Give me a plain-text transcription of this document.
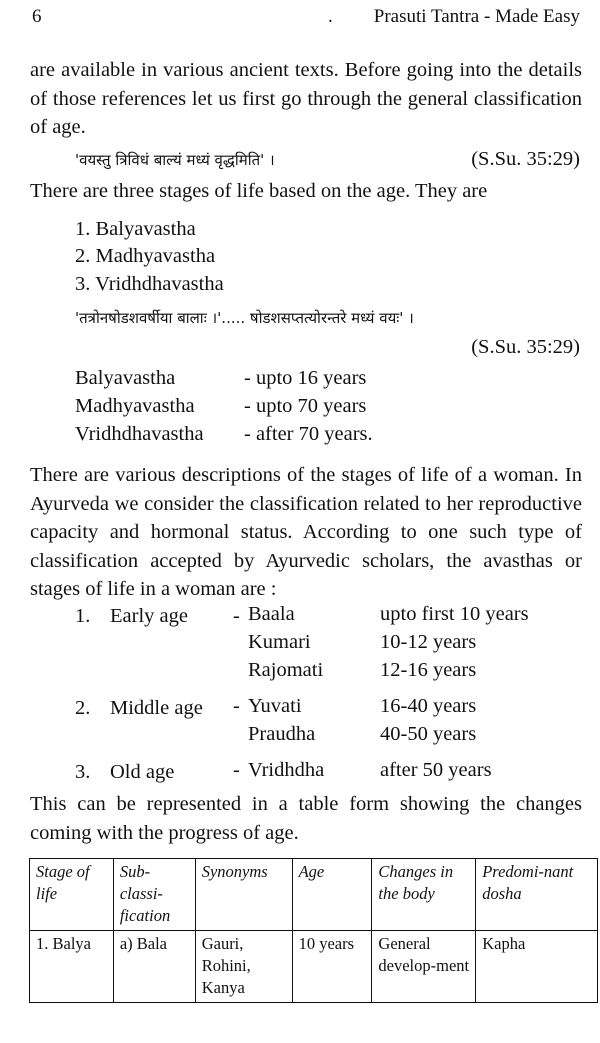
6	. Prasuti Tantra - Made Easy

are available in various ancient texts. Before going into the details of those references let us first go through the general classification of age.

'वयस्तु त्रिविधं बाल्यं मध्यं वृद्धमिति' ।	(S.Su. 35:29)
There are three stages of life based on the age. They are
1. Balyavastha
2. Madhyavastha
3. Vridhdhavastha
'तत्रोनषोडशवर्षीया बालाः ।'..... षोडशसप्तत्योरन्तरे मध्यं वयः' ।
(S.Su. 35:29)
Balyavastha	- upto 16 years
Madhyavastha - upto 70 years
Vridhdhavastha - after 70 years.

There are various descriptions of the stages of life of a woman. In Ayurveda we consider the classification related to her reproductive capacity and hormonal status. According to one such type of classification accepted by Ayurvedic scholars, the avasthas or stages of life in a woman are :

1. Early age - Baala	upto first 10 years
Kumari	10-12 years
Rajomati	12-16 years
2. Middle age - Yuvati	16-40 years
Praudha	40-50 years
3. Old age	- Vridhdha	after 50 years

This can be represented in a table form showing the changes coming with the progress of age.

Stage of life	Sub-classi-fication	Synonyms	Age	Changes in the body	Predomi-nant dosha
1. Balya	a) Bala	Gauri, Rohini, Kanya	10 years	General develop-ment	Kapha
